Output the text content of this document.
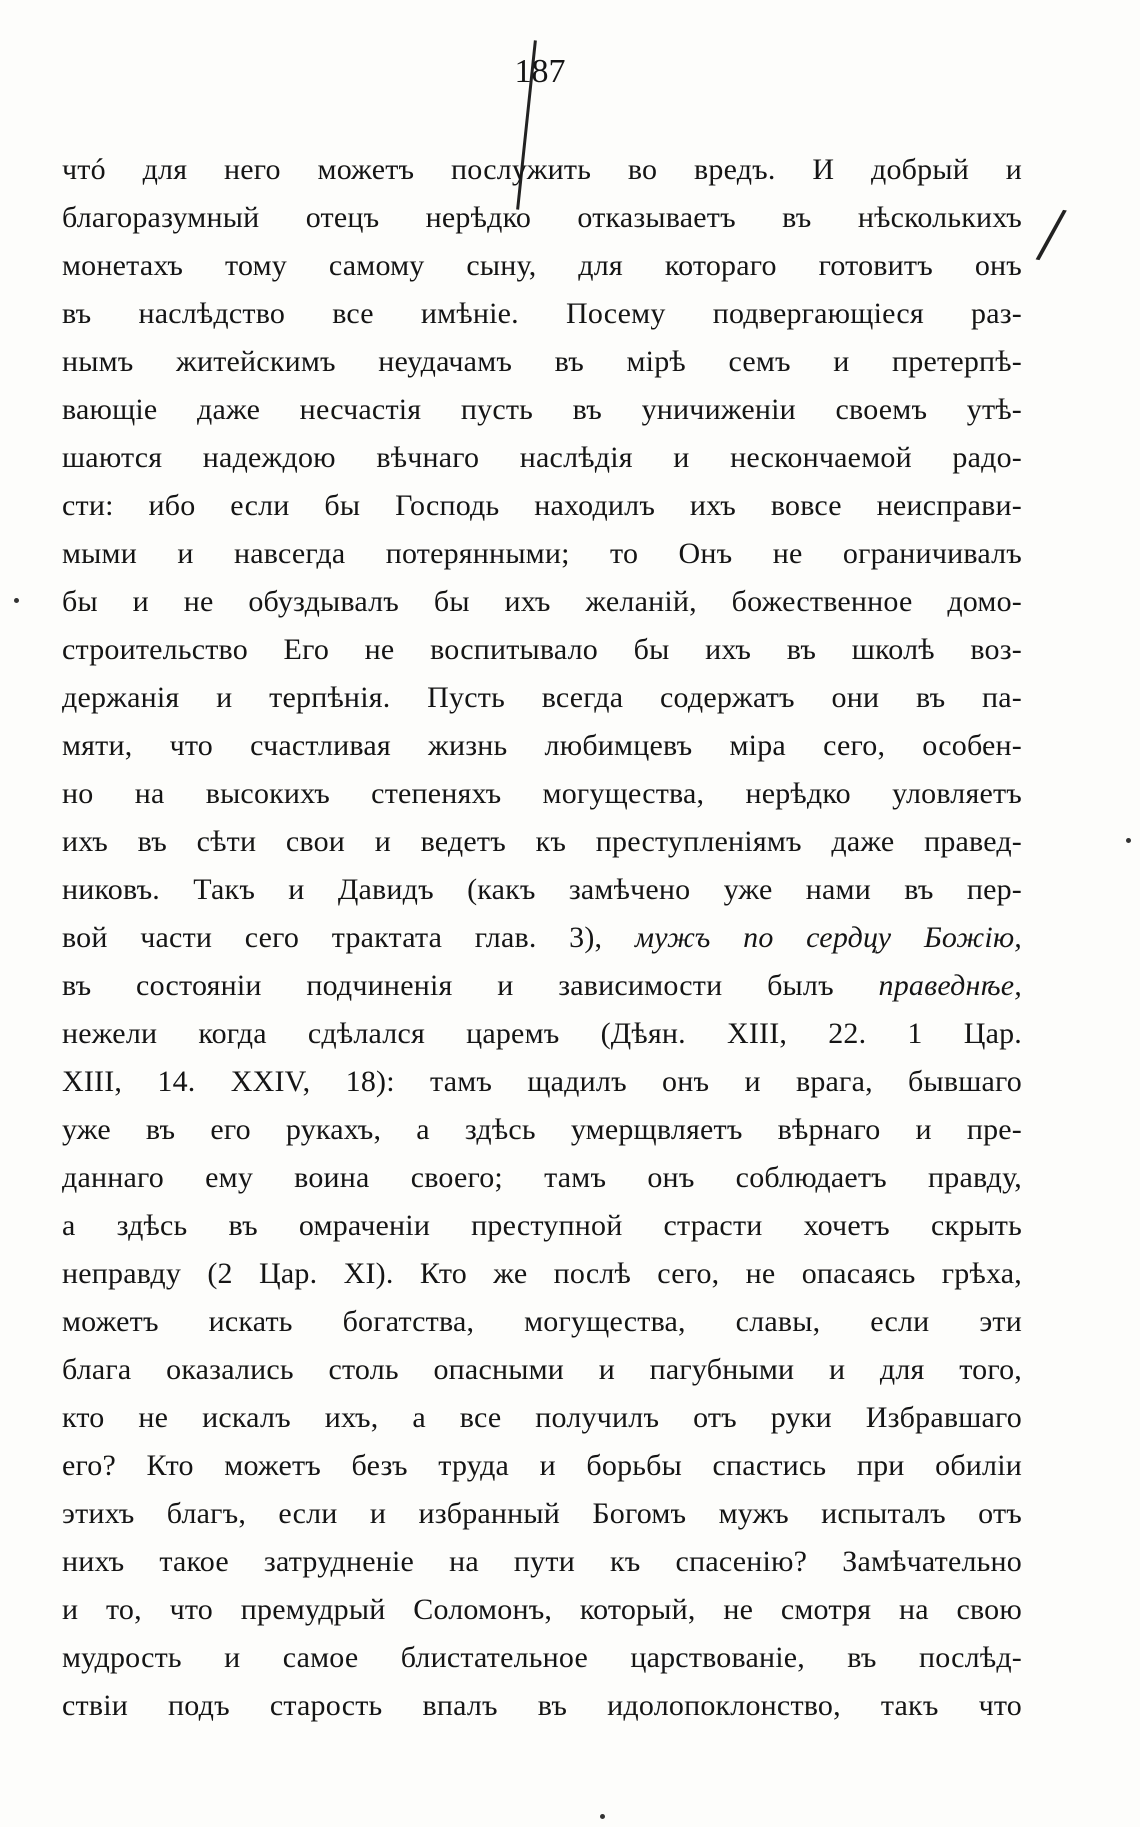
/
187
чтó для него можетъ послужить во вредъ. И добрый и
благоразумный отецъ нерѣдко отказываетъ въ нѣсколькихъ
монетахъ тому самому сыну, для котораго готовитъ онъ
въ наслѣдство все имѣніе. Посему подвергающіеся раз-
нымъ житейскимъ неудачамъ въ мірѣ семъ и претерпѣ-
вающіе даже несчастія пусть въ уничиженіи своемъ утѣ-
шаются надеждою вѣчнаго наслѣдія и нескончаемой радо-
сти: ибо если бы Господь находилъ ихъ вовсе неисправи-
мыми и навсегда потерянными; то Онъ не ограничивалъ
бы и не обуздывалъ бы ихъ желаній, божественное домо-
строительство Его не воспитывало бы ихъ въ школѣ воз-
держанія и терпѣнія. Пусть всегда содержатъ они въ па-
мяти, что счастливая жизнь любимцевъ міра сего, особен-
но на высокихъ степеняхъ могущества, нерѣдко уловляетъ
ихъ въ сѣти свои и ведетъ къ преступленіямъ даже правед-
никовъ. Такъ и Давидъ (какъ замѣчено уже нами въ пер-
вой части сего трактата глав. 3), мужъ по сердцу Божію,
въ состояніи подчиненія и зависимости былъ праведнѣе,
нежели когда сдѣлался царемъ (Дѣян. XIII, 22. 1 Цар.
XIII, 14. XXIV, 18): тамъ щадилъ онъ и врага, бывшаго
уже въ его рукахъ, а здѣсь умерщвляетъ вѣрнаго и пре-
даннаго ему воина своего; тамъ онъ соблюдаетъ правду,
а здѣсь въ омраченіи преступной страсти хочетъ скрыть
неправду (2 Цар. XI). Кто же послѣ сего, не опасаясь грѣха,
можетъ искать богатства, могущества, славы, если эти
блага оказались столь опасными и пагубными и для того,
кто не искалъ ихъ, а все получилъ отъ руки Избравшаго
его? Кто можетъ безъ труда и борьбы спастись при обиліи
этихъ благъ, если и избранный Богомъ мужъ испыталъ отъ
нихъ такое затрудненіе на пути къ спасенію? Замѣчательно
и то, что премудрый Соломонъ, который, не смотря на свою
мудрость и самое блистательное царствованіе, въ послѣд-
ствіи подъ старость впалъ въ идолопоклонство, такъ что
